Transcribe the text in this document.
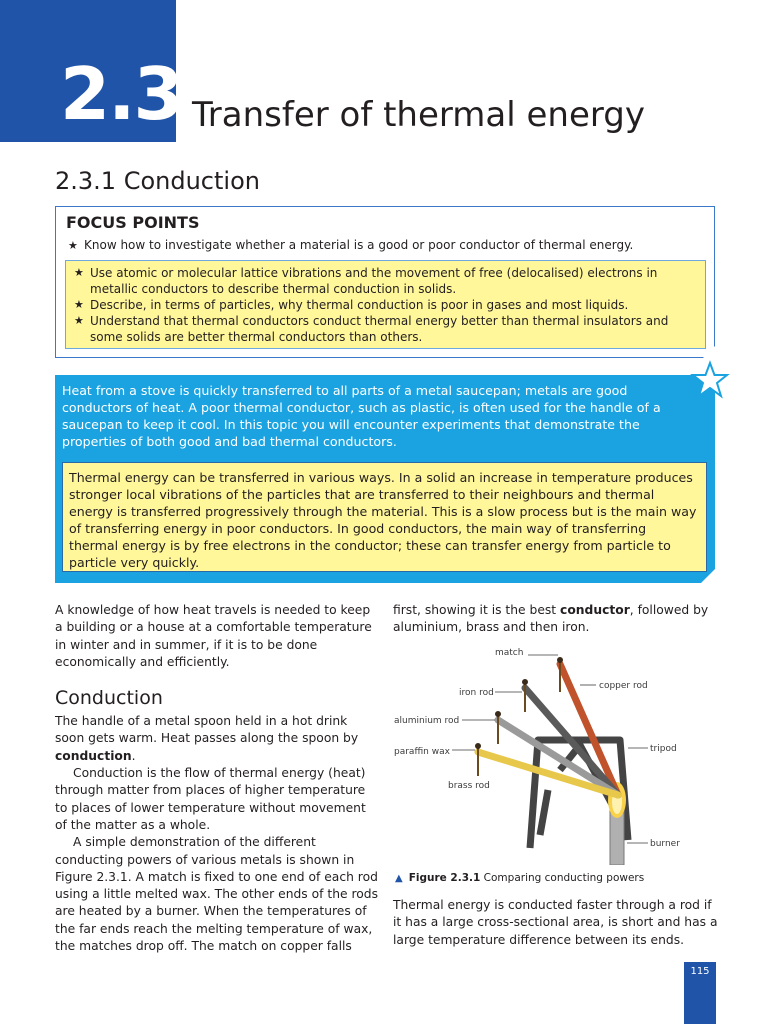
2.3 Transfer of thermal energy
2.3.1 Conduction
FOCUS POINTS
★ Know how to investigate whether a material is a good or poor conductor of thermal energy.
★ Use atomic or molecular lattice vibrations and the movement of free (delocalised) electrons in metallic conductors to describe thermal conduction in solids.
★ Describe, in terms of particles, why thermal conduction is poor in gases and most liquids.
★ Understand that thermal conductors conduct thermal energy better than thermal insulators and some solids are better thermal conductors than others.
Heat from a stove is quickly transferred to all parts of a metal saucepan; metals are good conductors of heat. A poor thermal conductor, such as plastic, is often used for the handle of a saucepan to keep it cool. In this topic you will encounter experiments that demonstrate the properties of both good and bad thermal conductors.
Thermal energy can be transferred in various ways. In a solid an increase in temperature produces stronger local vibrations of the particles that are transferred to their neighbours and thermal energy is transferred progressively through the material. This is a slow process but is the main way of transferring energy in poor conductors. In good conductors, the main way of transferring thermal energy is by free electrons in the conductor; these can transfer energy from particle to particle very quickly.
A knowledge of how heat travels is needed to keep a building or a house at a comfortable temperature in winter and in summer, if it is to be done economically and efficiently.
Conduction
The handle of a metal spoon held in a hot drink soon gets warm. Heat passes along the spoon by conduction.
Conduction is the flow of thermal energy (heat) through matter from places of higher temperature to places of lower temperature without movement of the matter as a whole.
A simple demonstration of the different conducting powers of various metals is shown in Figure 2.3.1. A match is fixed to one end of each rod using a little melted wax. The other ends of the rods are heated by a burner. When the temperatures of the far ends reach the melting temperature of wax, the matches drop off. The match on copper falls
first, showing it is the best conductor, followed by aluminium, brass and then iron.
match
copper rod
iron rod
aluminium rod
tripod
paraffin wax
brass rod
burner
▲ Figure 2.3.1 Comparing conducting powers
Thermal energy is conducted faster through a rod if it has a large cross-sectional area, is short and has a large temperature difference between its ends.
115
